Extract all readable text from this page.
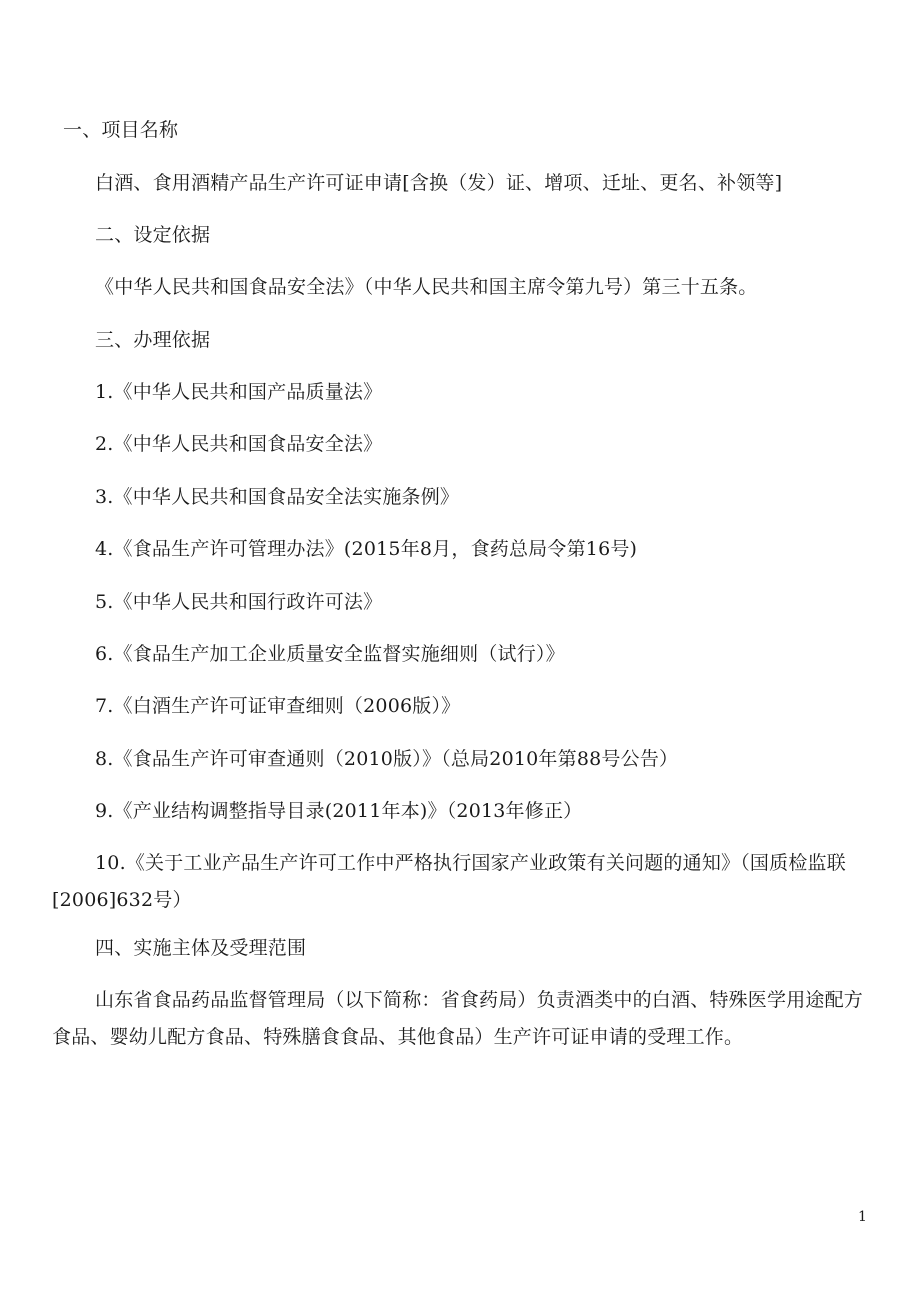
一、项目名称
白酒、食用酒精产品生产许可证申请[含换（发）证、增项、迁址、更名、补领等]
二、设定依据
《中华人民共和国食品安全法》（中华人民共和国主席令第九号）第三十五条。
三、办理依据
1.《中华人民共和国产品质量法》
2.《中华人民共和国食品安全法》
3.《中华人民共和国食品安全法实施条例》
4.《食品生产许可管理办法》(2015年8月，食药总局令第16号)
5.《中华人民共和国行政许可法》
6.《食品生产加工企业质量安全监督实施细则（试行）》
7.《白酒生产许可证审查细则（2006版）》
8.《食品生产许可审查通则（2010版）》（总局2010年第88号公告）
9.《产业结构调整指导目录(2011年本)》（2013年修正）
10.《关于工业产品生产许可工作中严格执行国家产业政策有关问题的通知》（国质检监联[2006]632号）
四、实施主体及受理范围
山东省食品药品监督管理局（以下简称：省食药局）负责酒类中的白酒、特殊医学用途配方食品、婴幼儿配方食品、特殊膳食食品、其他食品）生产许可证申请的受理工作。
1
